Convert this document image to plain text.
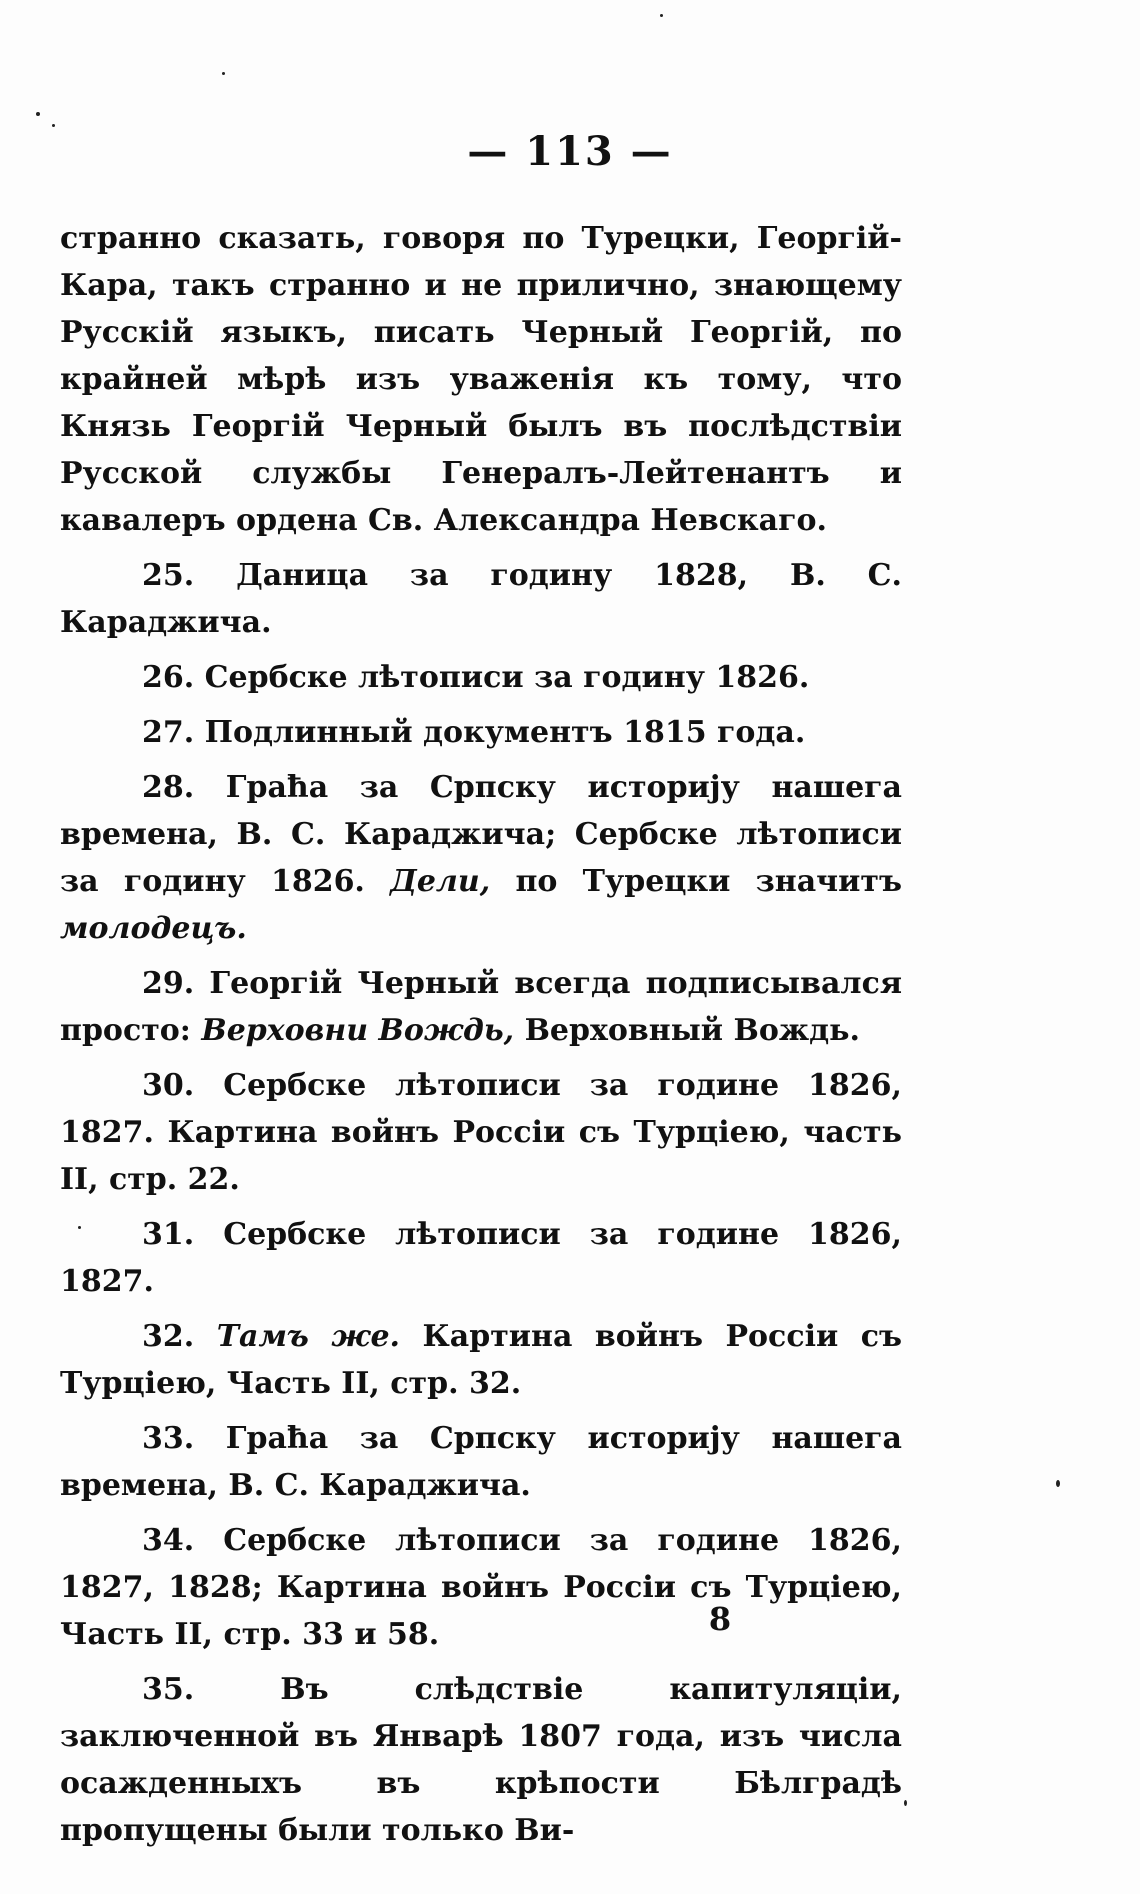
— 113 —

странно сказать, говоря по Турецки, Георгій-Кара, такъ странно и не прилично, знающему Русскій языкъ, писать Черный Георгій, по крайней мѣрѣ изъ уваженія къ тому, что Князь Георгій Черный былъ въ послѣдствіи Русской службы Генералъ-Лейтенантъ и кавалеръ ордена Св. Александра Невскаго.

25. Даница за годину 1828, В. С. Караджича.

26. Сербске лѣтописи за годину 1826.

27. Подлинный документъ 1815 года.

28. Граħа за Српску историју нашега времена, В. С. Караджича; Сербске лѣтописи за годину 1826. Дели, по Турецки значитъ молодецъ.

29. Георгій Черный всегда подписывался просто: Верховни Вождь, Верховный Вождь.

30. Сербске лѣтописи за године 1826, 1827. Картина войнъ Россіи съ Турціею, часть II, стр. 22.

31. Сербске лѣтописи за године 1826, 1827.

32. Тамъ же. Картина войнъ Россіи съ Турціею, Часть II, стр. 32.

33. Граħа за Српску историју нашега времена, В. С. Караджича.

34. Сербске лѣтописи за године 1826, 1827, 1828; Картина войнъ Россіи съ Турціею, Часть II, стр. 33 и 58.

35. Въ слѣдствіе капитуляціи, заключенной въ Январѣ 1807 года, изъ числа осажденныхъ въ крѣпости Бѣлградѣ пропущены были только Ви-

8
